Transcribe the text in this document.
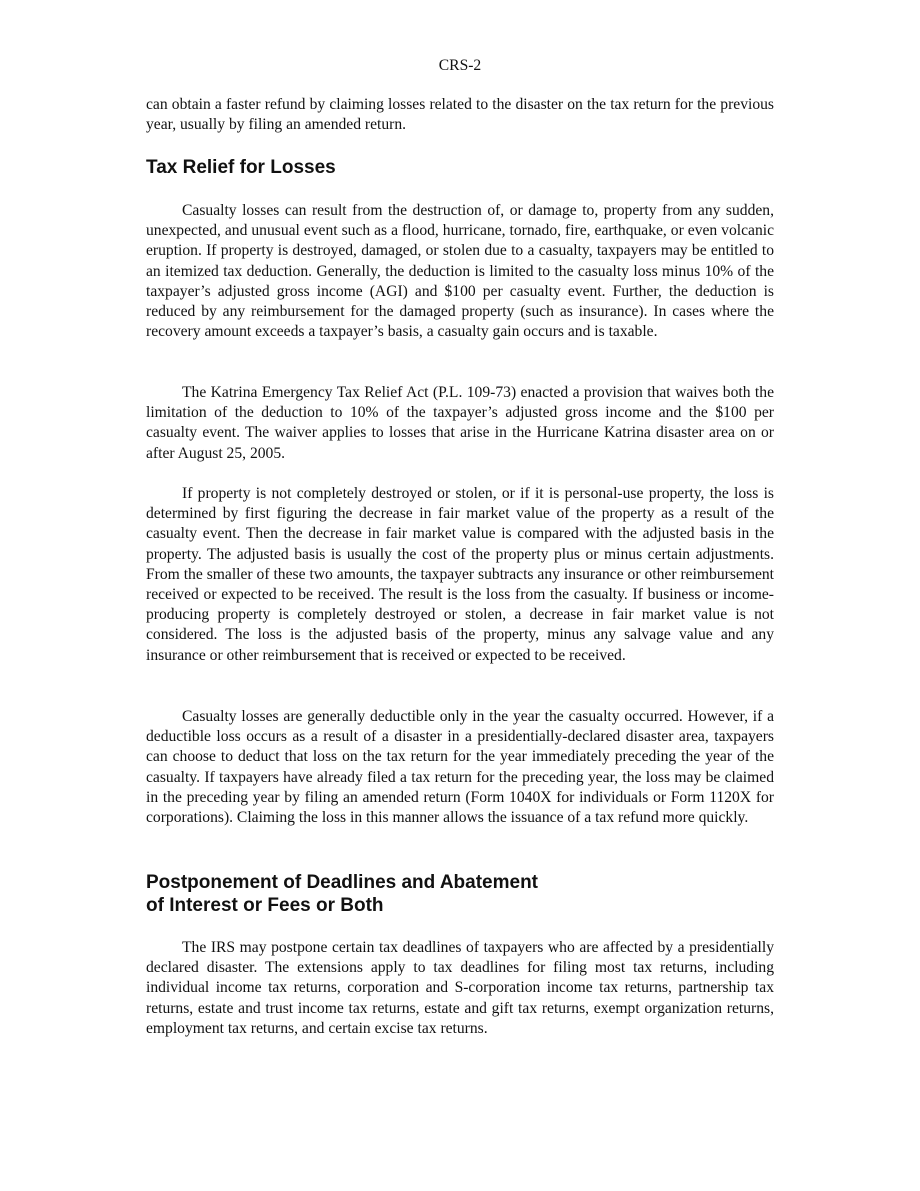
CRS-2

can obtain a faster refund by claiming losses related to the disaster on the tax return for the previous year, usually by filing an amended return.

Tax Relief for Losses

Casualty losses can result from the destruction of, or damage to, property from any sudden, unexpected, and unusual event such as a flood, hurricane, tornado, fire, earthquake, or even volcanic eruption. If property is destroyed, damaged, or stolen due to a casualty, taxpayers may be entitled to an itemized tax deduction. Generally, the deduction is limited to the casualty loss minus 10% of the taxpayer’s adjusted gross income (AGI) and $100 per casualty event. Further, the deduction is reduced by any reimbursement for the damaged property (such as insurance). In cases where the recovery amount exceeds a taxpayer’s basis, a casualty gain occurs and is taxable.

The Katrina Emergency Tax Relief Act (P.L. 109-73) enacted a provision that waives both the limitation of the deduction to 10% of the taxpayer’s adjusted gross income and the $100 per casualty event. The waiver applies to losses that arise in the Hurricane Katrina disaster area on or after August 25, 2005.

If property is not completely destroyed or stolen, or if it is personal-use property, the loss is determined by first figuring the decrease in fair market value of the property as a result of the casualty event. Then the decrease in fair market value is compared with the adjusted basis in the property. The adjusted basis is usually the cost of the property plus or minus certain adjustments. From the smaller of these two amounts, the taxpayer subtracts any insurance or other reimbursement received or expected to be received. The result is the loss from the casualty. If business or income-producing property is completely destroyed or stolen, a decrease in fair market value is not considered. The loss is the adjusted basis of the property, minus any salvage value and any insurance or other reimbursement that is received or expected to be received.

Casualty losses are generally deductible only in the year the casualty occurred. However, if a deductible loss occurs as a result of a disaster in a presidentially-declared disaster area, taxpayers can choose to deduct that loss on the tax return for the year immediately preceding the year of the casualty. If taxpayers have already filed a tax return for the preceding year, the loss may be claimed in the preceding year by filing an amended return (Form 1040X for individuals or Form 1120X for corporations). Claiming the loss in this manner allows the issuance of a tax refund more quickly.

Postponement of Deadlines and Abatement
of Interest or Fees or Both

The IRS may postpone certain tax deadlines of taxpayers who are affected by a presidentially declared disaster. The extensions apply to tax deadlines for filing most tax returns, including individual income tax returns, corporation and S-corporation income tax returns, partnership tax returns, estate and trust income tax returns, estate and gift tax returns, exempt organization returns, employment tax returns, and certain excise tax returns.
